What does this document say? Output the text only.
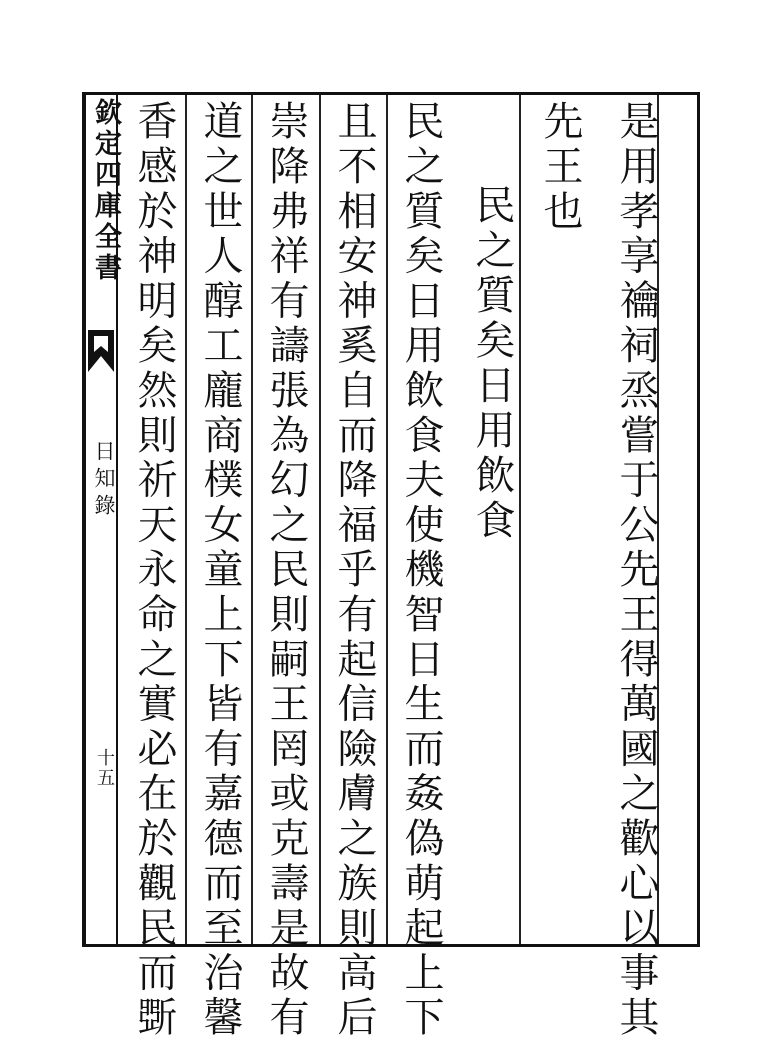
欽定四庫全書
日知錄
十五	是用孝享禴祠烝嘗于公先王得萬國之歡心以事其
先王也
民之質矣日用飲食
民之質矣日用飲食夫使機智日生而姦偽萌起上下
且不相安神奚自而降福乎有起信險膚之族則高后
崇降弗祥有譸張為幻之民則嗣王罔或克壽是故有
道之世人醇工龐商樸女童上下皆有嘉德而至治馨
香感於神明矣然則祈天永命之實必在於觀民而斲
